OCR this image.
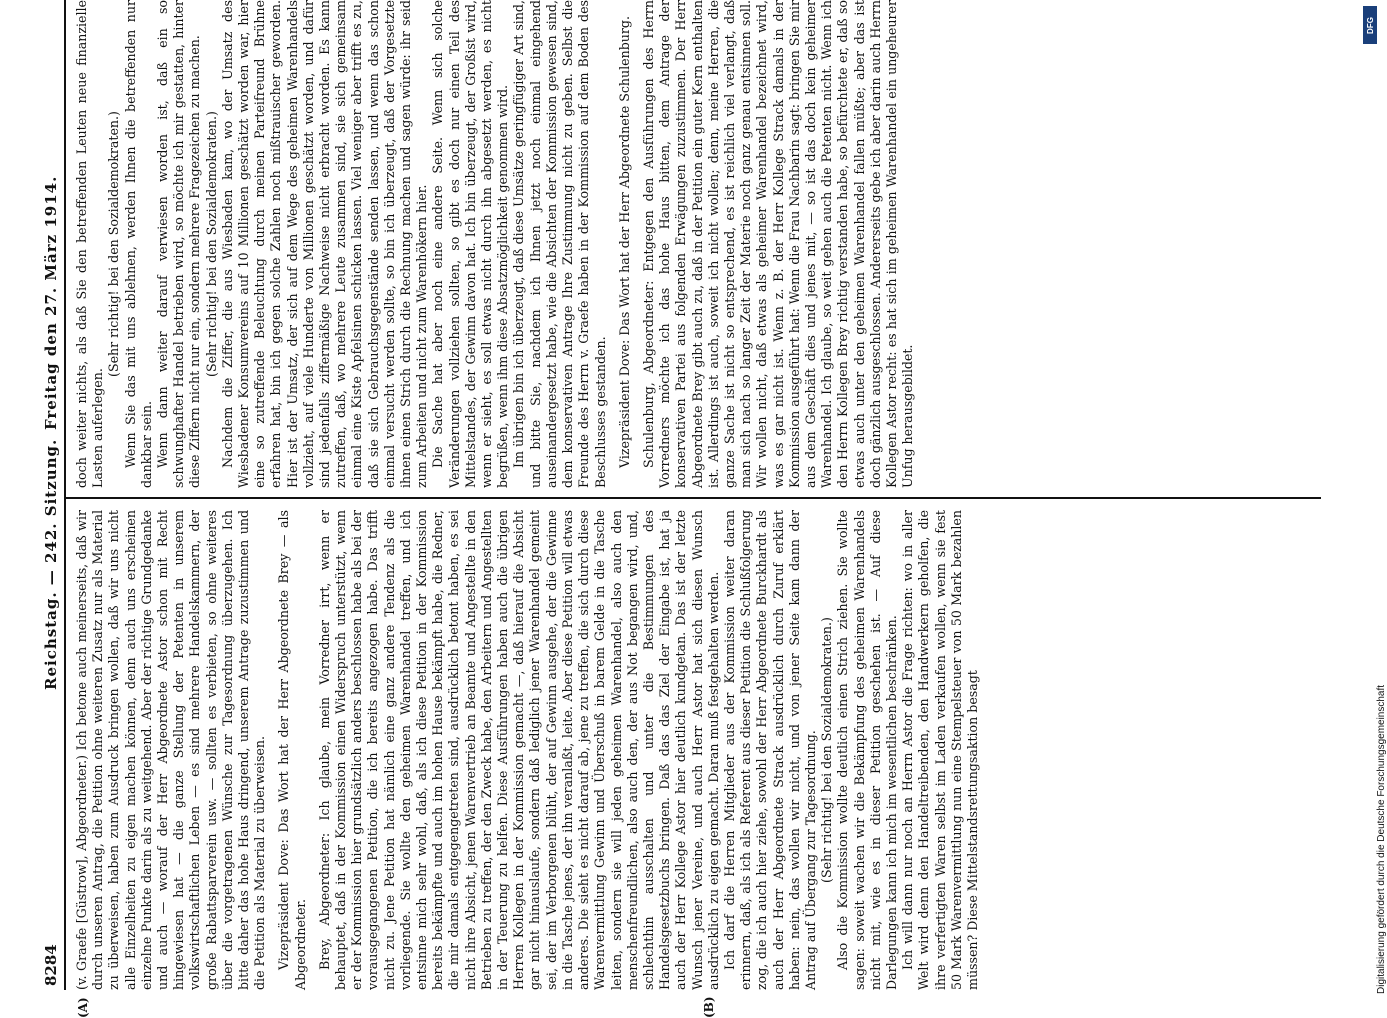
8284
Reichstag. — 242. Sitzung.
Freitag den 27. März 1914.
(A)	(B)

(v. Graefe [Güstrow], Abgeordneter.) Ich betone auch meinerseits, daß wir durch unseren Antrag, die Petition ohne weiteren Zusatz nur als Material zu überweisen, haben zum Ausdruck bringen wollen, daß wir uns nicht alle Einzelheiten zu eigen machen können, denn auch uns erscheinen einzelne Punkte darin als zu weitgehend. Aber der richtige Grundgedanke und auch — worauf der Herr Abgeordnete Astor schon mit Recht hingewiesen hat — die ganze Stellung der Petenten in unserem volkswirtschaftlichen Leben — es sind mehrere Handelskammern, der große Rabattsparverein usw. — sollten es verbieten, so ohne weiteres über die vorgetragenen Wünsche zur Tagesordnung überzugehen. Ich bitte daher das hohe Haus dringend, unserem Antrage zuzustimmen und die Petition als Material zu überweisen. Vizepräsident Dove: Das Wort hat der Herr Abgeordnete Brey — als Abgeordneter. Brey, Abgeordneter: Ich glaube, mein Vorredner irrt, wenn er behauptet, daß in der Kommission einen Widerspruch unterstützt, wenn er der Kommission hier grundsätzlich anders beschlossen habe als bei der vorausgegangenen Petition, die ich bereits angezogen habe. Das trifft nicht zu. Jene Petition hat nämlich eine ganz andere Tendenz als die vorliegende. Sie wollte den geheimen Warenhandel treffen, und ich entsinne mich sehr wohl, daß, als ich diese Petition in der Kommission bereits bekämpfte und auch im hohen Hause bekämpft habe, die Redner, die mir damals entgegengetreten sind, ausdrücklich betont haben, es sei nicht ihre Absicht, jenen Warenvertrieb an Beamte und Angestellte in den Betrieben zu treffen, der den Zweck habe, den Arbeitern und Angestellten in der Teuerung zu helfen. Diese Ausführungen haben auch die übrigen Herren Kollegen in der Kommission gemacht —, daß hierauf die Absicht gar nicht hinauslaufe, sondern daß lediglich jener Warenhandel gemeint sei, der im Verborgenen blüht, der auf Gewinn ausgehe, der die Gewinne in die Tasche jenes, der ihn veranlaßt, leite. Aber diese Petition will etwas anderes. Die sieht es nicht darauf ab, jene zu treffen, die sich durch diese Warenvermittlung Gewinn und Überschuß in barem Gelde in die Tasche leiten, sondern sie will jeden geheimen Warenhandel, also auch den menschenfreundlichen, also auch den, der aus Not begangen wird, und, schlechthin ausschalten und unter die Bestimmungen des Handelsgesetzbuchs bringen. Daß das das Ziel der Eingabe ist, hat ja auch der Herr Kollege Astor hier deutlich kundgetan. Das ist der letzte Wunsch jener Vereine, und auch Herr Astor hat sich diesen Wunsch ausdrücklich zu eigen gemacht. Daran muß festgehalten werden. Ich darf die Herren Mitglieder aus der Kommission weiter daran erinnern, daß, als ich als Referent aus dieser Petition die Schlußfolgerung zog, die ich auch hier ziehe, sowohl der Herr Abgeordnete Burckhardt als auch der Herr Abgeordnete Strack ausdrücklich durch Zuruf erklärt haben: nein, das wollen wir nicht, und von jener Seite kam dann der Antrag auf Übergang zur Tagesordnung. (Sehr richtig! bei den Sozialdemokraten.) Also die Kommission wollte deutlich einen Strich ziehen. Sie wollte sagen: soweit wachen wir die Bekämpfung des geheimen Warenhandels nicht mit, wie es in dieser Petition geschehen ist. — Auf diese Darlegungen kann ich mich im wesentlichen beschränken. Ich will dann nur noch an Herrn Astor die Frage richten: wo in aller Welt wird denn den Handeltreibenden, den Handwerkern geholfen, die ihre verfertigten Waren selbst im Laden verkaufen wollen, wenn sie fest 50 Mark Warenvermittlung nun eine Stempelsteuer von 50 Mark bezahlen müssen? Diese Mittelstandsrettungsaktion besagt

doch weiter nichts, als daß Sie den betreffenden Leuten neue finanzielle Lasten auferlegen.

(Sehr richtig! bei den Sozialdemokraten.) Wenn Sie das mit uns ablehnen, werden Ihnen die betreffenden nur dankbar sein. Wenn dann weiter darauf verwiesen worden ist, daß ein so schwunghafter Handel betrieben wird, so möchte ich mir gestatten, hinter diese Ziffern nicht nur ein, sondern mehrere Fragezeichen zu machen. (Sehr richtig! bei den Sozialdemokraten.) Nachdem die Ziffer, die aus Wiesbaden kam, wo der Umsatz des Wiesbadener Konsumvereins auf 10 Millionen geschätzt worden war, hier eine so zutreffende Beleuchtung durch meinen Parteifreund Brühne erfahren hat, bin ich gegen solche Zahlen noch mißtrauischer geworden. Hier ist der Umsatz, der sich auf dem Wege des geheimen Warenhandels vollzieht, auf viele Hunderte von Millionen geschätzt worden, und dafür sind jedenfalls ziffermäßige Nachweise nicht erbracht worden. Es kann zutreffen, daß, wo mehrere Leute zusammen sind, sie sich gemeinsam einmal eine Kiste Apfelsinen schicken lassen. Viel weniger aber trifft es zu, daß sie sich Gebrauchsgegenstände senden lassen, und wenn das schon einmal versucht werden sollte, so bin ich überzeugt, daß der Vorgesetzte ihnen einen Strich durch die Rechnung machen und sagen würde: ihr seid zum Arbeiten und nicht zum Warenhökern hier. Die Sache hat aber noch eine andere Seite. Wenn sich solche Veränderungen vollziehen sollten, so gibt es doch nur einen Teil des Mittelstandes, der Gewinn davon hat. Ich bin überzeugt, der Großist wird, wenn er sieht, es soll etwas nicht durch ihn abgesetzt werden, es nicht begrüßen, wenn ihm diese Absatzmöglichkeit genommen wird. Im übrigen bin ich überzeugt, daß diese Umsätze geringfügiger Art sind, und bitte Sie, nachdem ich Ihnen jetzt noch einmal eingehend auseinandergesetzt habe, wie die Absichten der Kommission gewesen sind, dem konservativen Antrage Ihre Zustimmung nicht zu geben. Selbst die Freunde des Herrn v. Graefe haben in der Kommission auf dem Boden des Beschlusses gestanden. Vizepräsident Dove: Das Wort hat der Herr Abgeordnete Schulenburg. Schulenburg, Abgeordneter: Entgegen den Ausführungen des Herrn Vorredners möchte ich das hohe Haus bitten, dem Antrage der konservativen Partei aus folgenden Erwägungen zuzustimmen. Der Herr Abgeordnete Brey gibt auch zu, daß in der Petition ein guter Kern enthalten ist. Allerdings ist auch, soweit ich nicht wollen; denn, meine Herren, die ganze Sache ist nicht so entsprechend, es ist reichlich viel verlangt, daß man sich nach so langer Zeit der Materie noch ganz genau entsinnen soll. Wir wollen nicht, daß etwas als geheimer Warenhandel bezeichnet wird, was es gar nicht ist. Wenn z. B. der Herr Kollege Strack damals in der Kommission ausgeführt hat: Wenn die Frau Nachbarin sagt: bringen Sie mir aus dem Geschäft dies und jenes mit, — so ist das doch kein geheimer Warenhandel. Ich glaube, so weit gehen auch die Petenten nicht. Wenn ich den Herrn Kollegen Brey richtig verstanden habe, so befürchtete er, daß so etwas auch unter den geheimen Warenhandel fallen müßte; aber das ist doch gänzlich ausgeschlossen. Andererseits gebe ich aber darin auch Herrn Kollegen Astor recht: es hat sich im geheimen Warenhandel ein ungeheurer Unfug herausgebildet.

DFG
Digitalisierung gefördert durch die Deutsche Forschungsgemeinschaft
